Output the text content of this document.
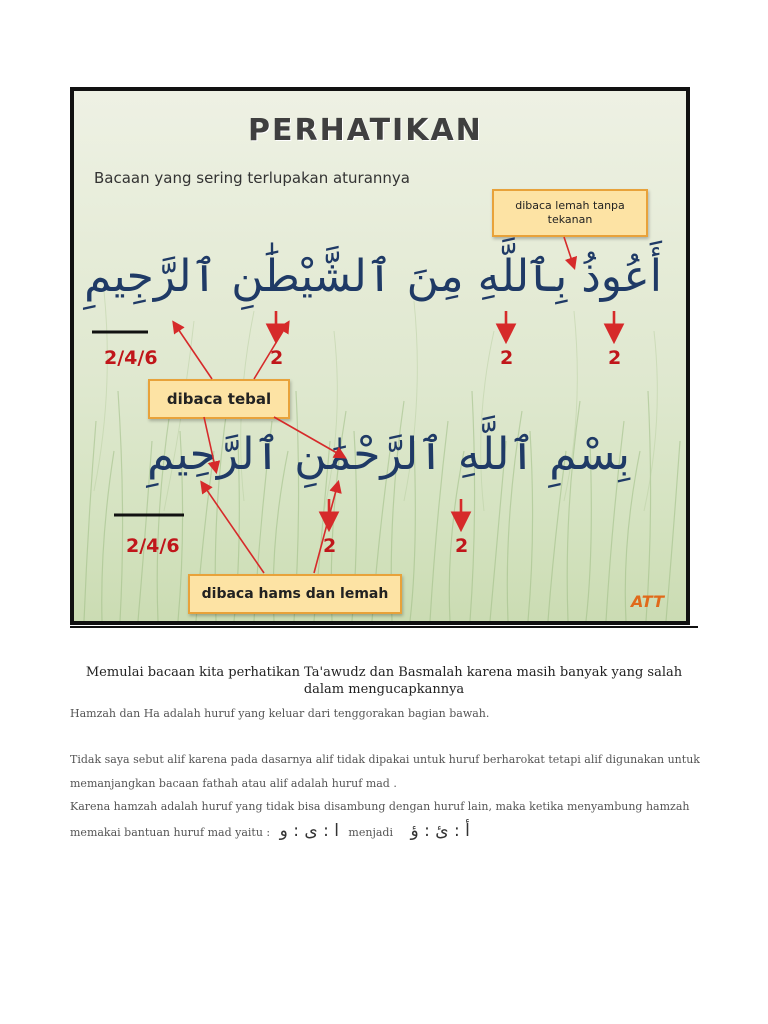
PERHATIKAN
Bacaan yang sering terlupakan aturannya
dibaca lemah tanpa tekanan
أَعُوذُ بِٱللَّهِ مِنَ ٱلشَّيْطَٰنِ ٱلرَّجِيمِ
بِسْمِ ٱللَّهِ ٱلرَّحْمَٰنِ ٱلرَّحِيمِ
dibaca tebal
dibaca hams dan lemah
2/4/6	2	2	2
2/4/6	2	2
ATT
Memulai bacaan kita perhatikan Ta'awudz dan Basmalah karena masih banyak yang salah dalam mengucapkannya
Hamzah dan Ha adalah huruf yang keluar dari tenggorakan bagian bawah.
Tidak saya sebut alif karena pada dasarnya alif tidak dipakai untuk huruf berharokat tetapi alif digunakan untuk memanjangkan bacaan fathah atau alif adalah huruf mad .
Karena hamzah adalah huruf yang tidak bisa disambung dengan huruf lain, maka ketika menyambung hamzah
memakai bantuan huruf mad yaitu : ا : ى : و menjadi أ : ئ : ؤ
